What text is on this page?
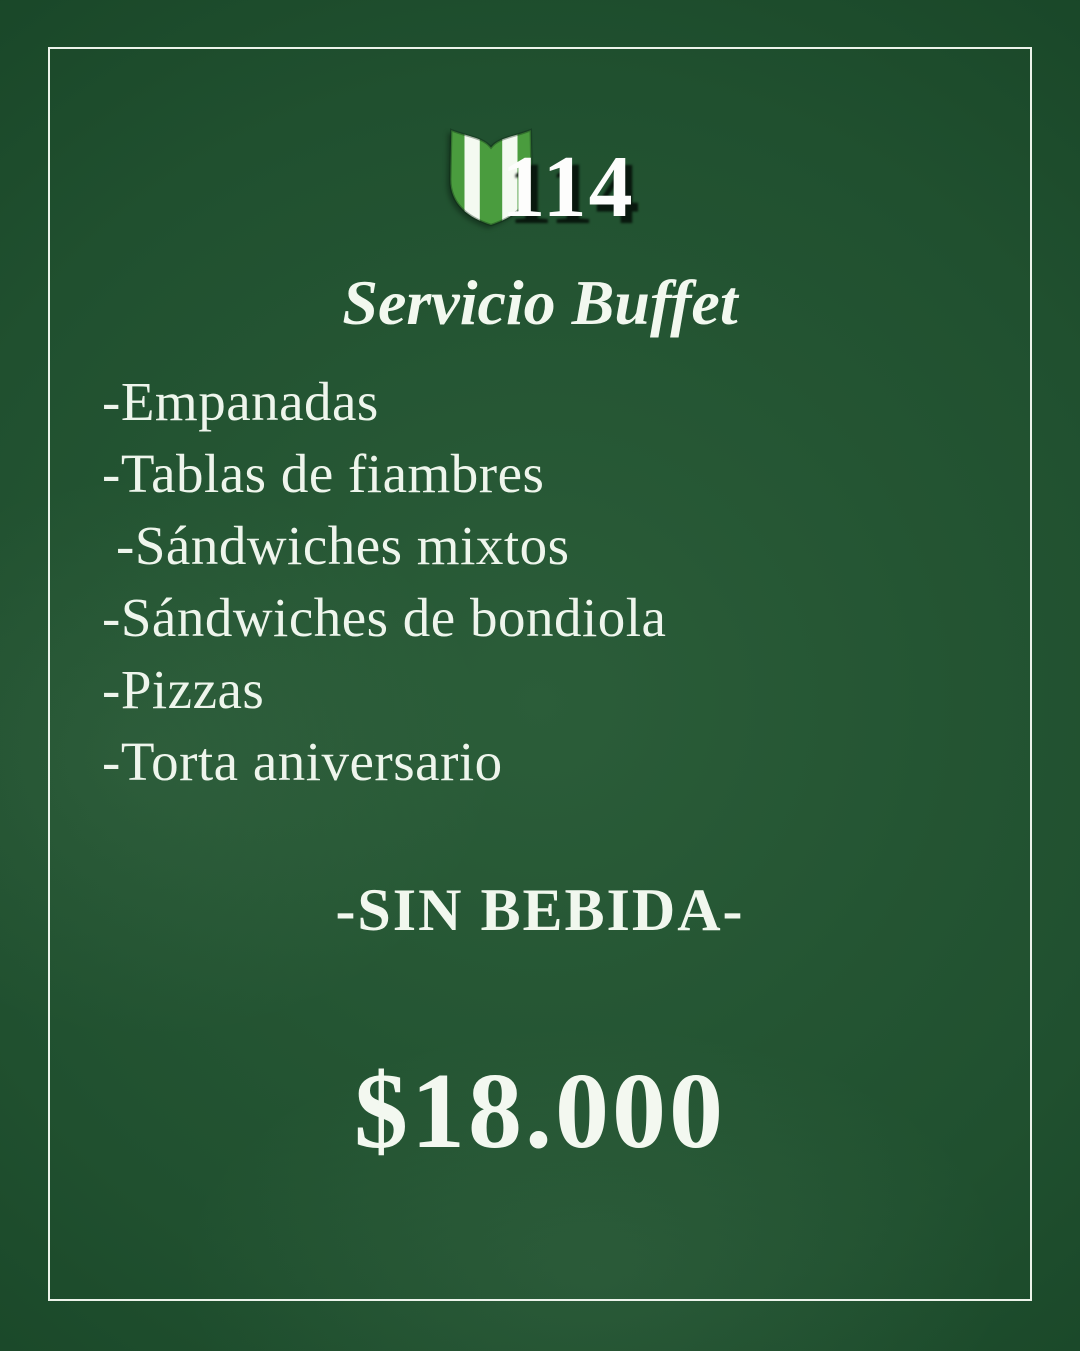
114
Servicio Buffet
-Empanadas
-Tablas de fiambres
-Sándwiches mixtos
-Sándwiches de bondiola
-Pizzas
-Torta aniversario
-SIN BEBIDA-
$18.000
